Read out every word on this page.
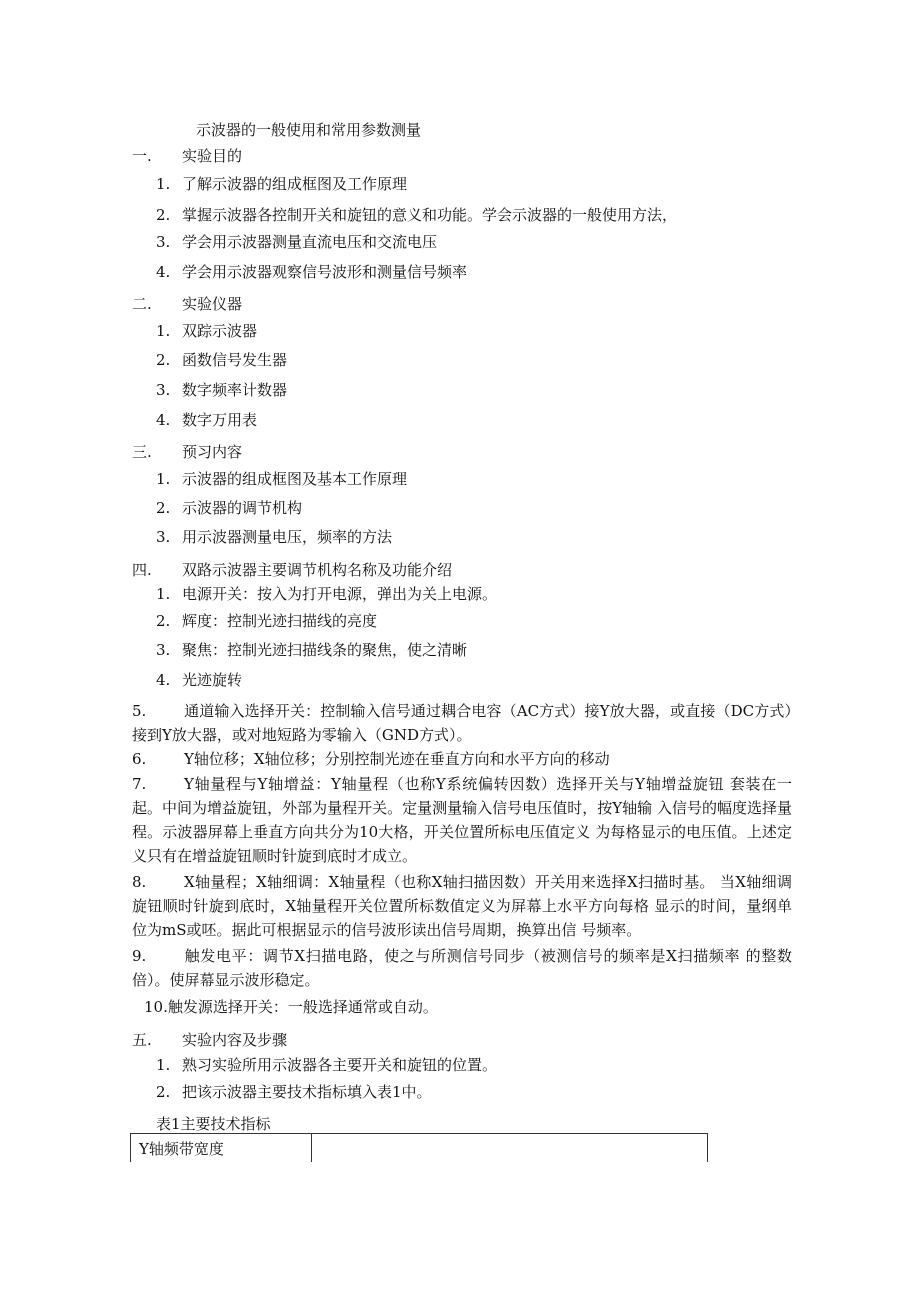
示波器的一般使用和常用参数测量
一. 实验目的
1. 了解示波器的组成框图及工作原理
2. 掌握示波器各控制开关和旋钮的意义和功能。学会示波器的一般使用方法，
3. 学会用示波器测量直流电压和交流电压
4. 学会用示波器观察信号波形和测量信号频率
二. 实验仪器
1. 双踪示波器
2. 函数信号发生器
3. 数字频率计数器
4. 数字万用表
三. 预习内容
1. 示波器的组成框图及基本工作原理
2. 示波器的调节机构
3. 用示波器测量电压，频率的方法
四. 双路示波器主要调节机构名称及功能介绍
1. 电源开关：按入为打开电源，弹出为关上电源。
2. 辉度：控制光迹扫描线的亮度
3. 聚焦：控制光迹扫描线条的聚焦，使之清晰
4. 光迹旋转
5.	通道输入选择开关：控制输入信号通过耦合电容（AC方式）接Y放大器，或直接（DC方式）接到Y放大器，或对地短路为零输入（GND方式）。
6.	Y轴位移；X轴位移；分别控制光迹在垂直方向和水平方向的移动
7.	Y轴量程与Y轴增益：Y轴量程（也称Y系统偏转因数）选择开关与Y轴增益旋钮 套装在一起。中间为增益旋钮，外部为量程开关。定量测量输入信号电压值时，按Y轴输 入信号的幅度选择量程。示波器屏幕上垂直方向共分为10大格，开关位置所标电压值定义 为每格显示的电压值。上述定义只有在增益旋钮顺时针旋到底时才成立。
8.	X轴量程；X轴细调：X轴量程（也称X轴扫描因数）开关用来选择X扫描时基。 当X轴细调旋钮顺时针旋到底时，X轴量程开关位置所标数值定义为屏幕上水平方向每格 显示的时间，量纲单位为mS或呸。据此可根据显示的信号波形读出信号周期，换算出信 号频率。
9.	触发电平：调节X扫描电路，使之与所测信号同步（被测信号的频率是X扫描频率 的整数倍）。使屏幕显示波形稳定。
10.触发源选择开关：一般选择通常或自动。
五. 实验内容及步骤
1. 熟习实验所用示波器各主要开关和旋钮的位置。
2. 把该示波器主要技术指标填入表1中。
表1主要技术指标
Y轴频带宽度
